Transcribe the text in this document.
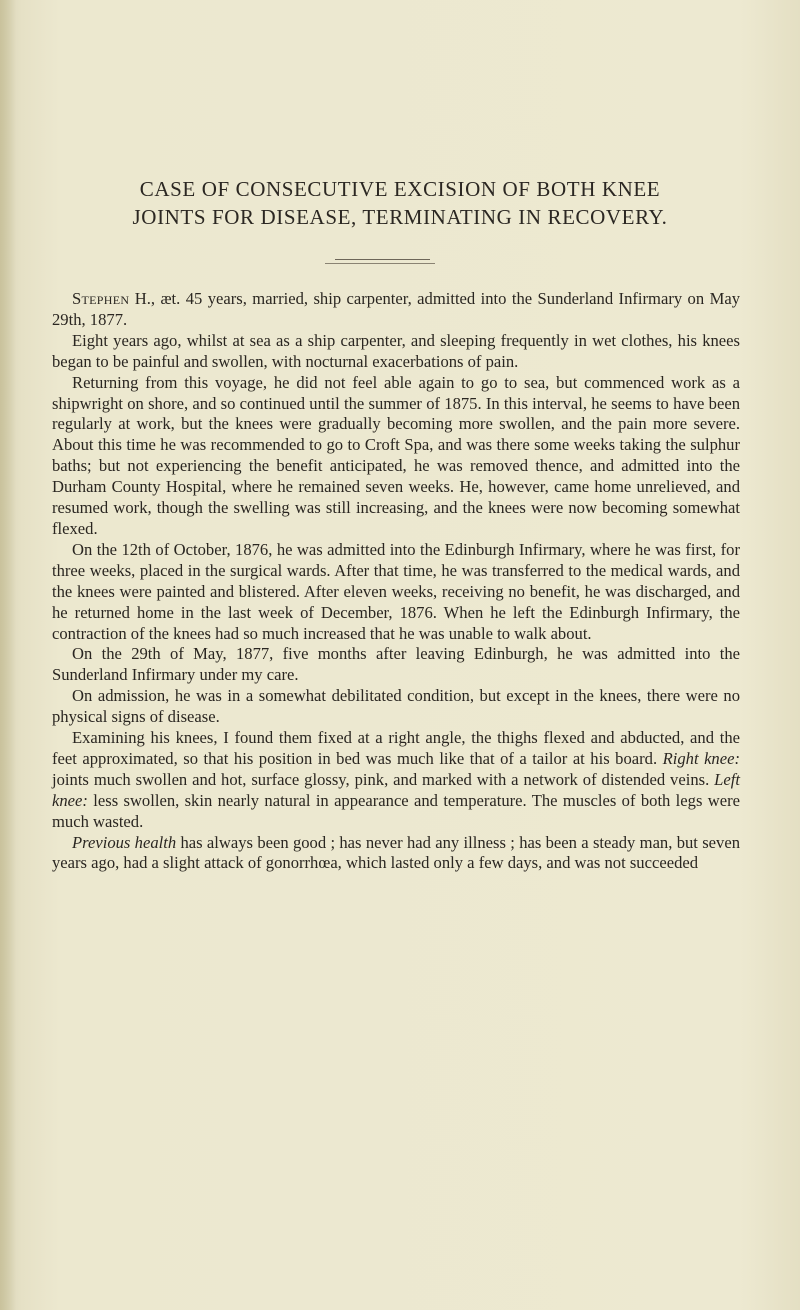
CASE OF CONSECUTIVE EXCISION OF BOTH KNEE
JOINTS FOR DISEASE, TERMINATING IN RECOVERY.

Stephen H., æt. 45 years, married, ship carpenter, admitted into the Sunderland Infirmary on May 29th, 1877.

Eight years ago, whilst at sea as a ship carpenter, and sleeping frequently in wet clothes, his knees began to be painful and swollen, with nocturnal exacerbations of pain.

Returning from this voyage, he did not feel able again to go to sea, but commenced work as a shipwright on shore, and so continued until the summer of 1875. In this interval, he seems to have been regularly at work, but the knees were gradually becoming more swollen, and the pain more severe. About this time he was recommended to go to Croft Spa, and was there some weeks taking the sulphur baths; but not experiencing the benefit anticipated, he was removed thence, and admitted into the Durham County Hospital, where he remained seven weeks. He, however, came home unrelieved, and resumed work, though the swelling was still increasing, and the knees were now becoming somewhat flexed.

On the 12th of October, 1876, he was admitted into the Edinburgh Infirmary, where he was first, for three weeks, placed in the surgical wards. After that time, he was transferred to the medical wards, and the knees were painted and blistered. After eleven weeks, receiving no benefit, he was discharged, and he returned home in the last week of December, 1876. When he left the Edinburgh Infirmary, the contraction of the knees had so much increased that he was unable to walk about.

On the 29th of May, 1877, five months after leaving Edinburgh, he was admitted into the Sunderland Infirmary under my care.

On admission, he was in a somewhat debilitated condition, but except in the knees, there were no physical signs of disease.

Examining his knees, I found them fixed at a right angle, the thighs flexed and abducted, and the feet approximated, so that his position in bed was much like that of a tailor at his board. Right knee: joints much swollen and hot, surface glossy, pink, and marked with a network of distended veins. Left knee: less swollen, skin nearly natural in appearance and temperature. The muscles of both legs were much wasted.

Previous health has always been good ; has never had any illness ; has been a steady man, but seven years ago, had a slight attack of gonorrhœa, which lasted only a few days, and was not succeeded
